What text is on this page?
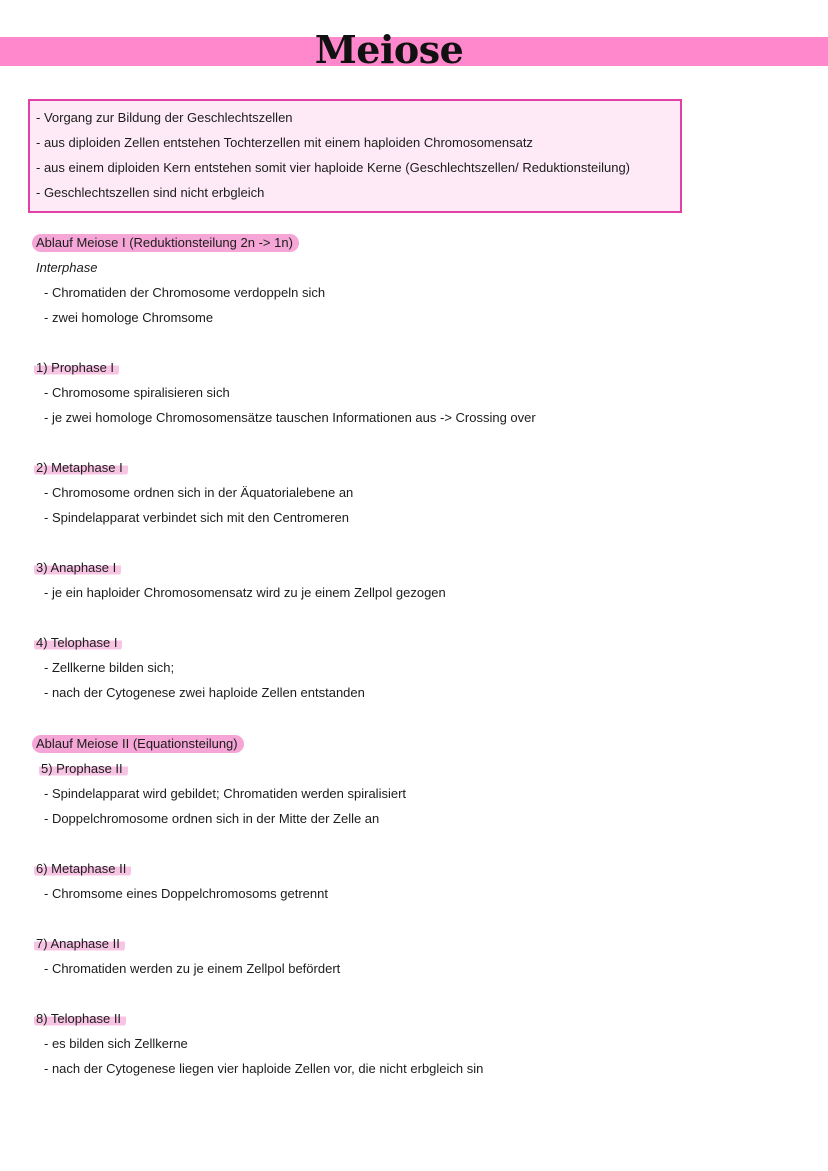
Meiose
- Vorgang zur Bildung der Geschlechtszellen
- aus diploiden Zellen entstehen Tochterzellen mit einem haploiden Chromosomensatz
- aus einem diploiden Kern entstehen somit vier haploide Kerne (Geschlechtszellen/ Reduktionsteilung)
- Geschlechtszellen sind nicht erbgleich
Ablauf Meiose I (Reduktionsteilung 2n -> 1n)
Interphase
- Chromatiden der Chromosome verdoppeln sich
- zwei homologe Chromsome
1) Prophase I
- Chromosome spiralisieren sich
- je zwei homologe Chromosomensätze tauschen Informationen aus -> Crossing over
2) Metaphase I
- Chromosome ordnen sich in der Äquatorialebene an
- Spindelapparat verbindet sich mit den Centromeren
3) Anaphase I
- je ein haploider Chromosomensatz wird zu je einem Zellpol gezogen
4) Telophase I
- Zellkerne bilden sich;
- nach der Cytogenese zwei haploide Zellen entstanden
Ablauf Meiose II (Equationsteilung)
5) Prophase II
- Spindelapparat wird gebildet; Chromatiden werden spiralisiert
- Doppelchromosome ordnen sich in der Mitte der Zelle an
6) Metaphase II
- Chromsome eines Doppelchromosoms getrennt
7) Anaphase II
- Chromatiden werden zu je einem Zellpol befördert
8) Telophase II
- es bilden sich Zellkerne
- nach der Cytogenese liegen vier haploide Zellen vor, die nicht erbgleich sin
